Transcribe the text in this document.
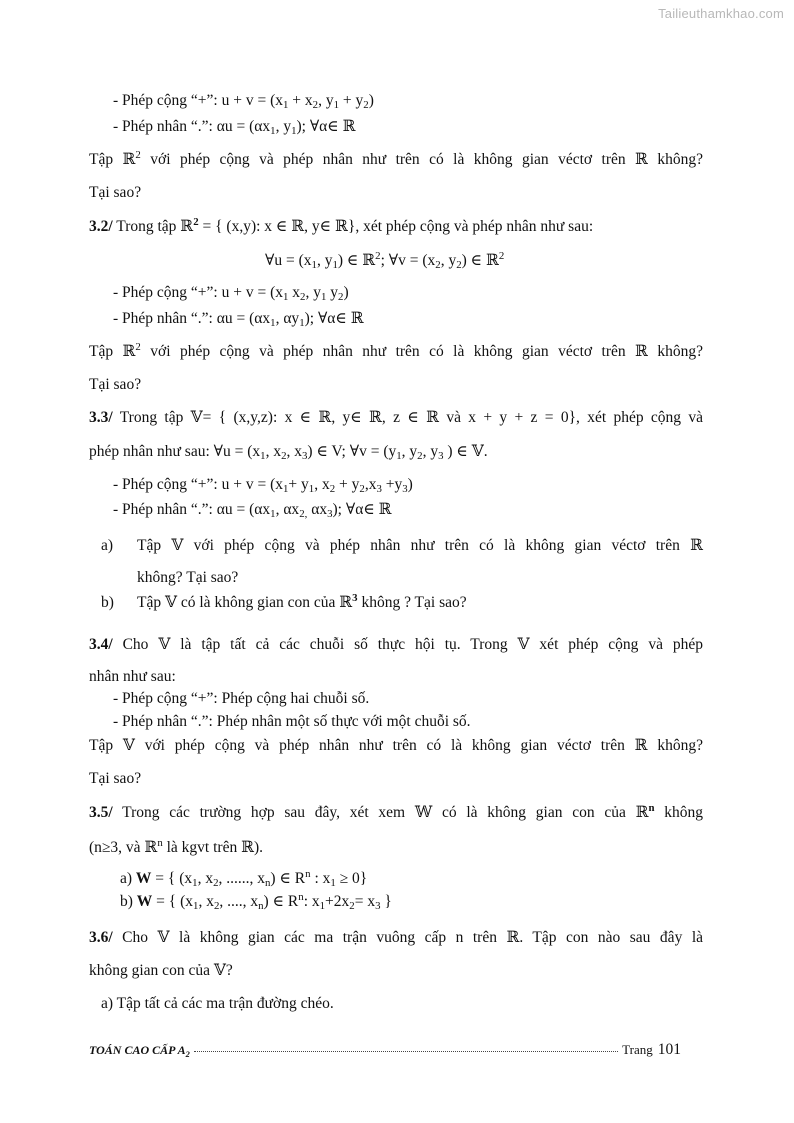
Tailieuthamkhao.com
- Phép cộng “+”: $u + v = (x_1 + x_2$, $y_1 + y_2$)
- Phép nhân “.”: $\alpha u = (\alpha x_1$, $y_1$); ∀α∈ ℝ
Tập ℝ$^2$ với phép cộng và phép nhân như trên có là không gian véctơ trên ℝ không?
Tại sao?
3.2/ Trong tập ℝ$^2$ = { (x,y): x ∈ ℝ, y∈ ℝ}, xét phép cộng và phép nhân như sau:
∀u = ($x_1$, $y_1$) ∈ ℝ$^2$; ∀v = ($x_2$, $y_2$) ∈ ℝ$^2$
- Phép cộng “+”: $u + v = (x_1$ $x_2$, $y_1$ $y_2$)
- Phép nhân “.”: $\alpha u = (\alpha x_1$, $\alpha y_1$); ∀α∈ ℝ
Tập ℝ$^2$ với phép cộng và phép nhân như trên có là không gian véctơ trên ℝ không?
Tại sao?
3.3/ Trong tập 𝕍= { (x,y,z): x ∈ ℝ, y∈ ℝ, z ∈ ℝ và x + y + z = 0}, xét phép cộng và
phép nhân như sau: ∀u = ($x_1$, $x_2$, $x_3$) ∈ V; ∀v = ($y_1$, $y_2$, $y_3$ ) ∈ 𝕍.
- Phép cộng “+”: $u + v = (x_1+ y_1$, $x_2 + y_2,x_3 +y_3$)
- Phép nhân “.”: $\alpha u = (\alpha x_1$, $\alpha x_{2,}$ $\alpha x_3$); ∀α∈ ℝ
a) Tập 𝕍 với phép cộng và phép nhân như trên có là không gian véctơ trên ℝ
không? Tại sao?
b) Tập 𝕍 có là không gian con của ℝ$^3$ không ? Tại sao?
3.4/ Cho 𝕍 là tập tất cả các chuỗi số thực hội tụ. Trong 𝕍 xét phép cộng và phép
nhân như sau:
- Phép cộng “+”: Phép cộng hai chuỗi số.
- Phép nhân “.”: Phép nhân một số thực với một chuỗi số.
Tập 𝕍 với phép cộng và phép nhân như trên có là không gian véctơ trên ℝ không?
Tại sao?
3.5/ Trong các trường hợp sau đây, xét xem 𝕎 có là không gian con của ℝ$^n$ không
(n≥3, và ℝ$^n$ là kgvt trên ℝ).
a) W = { ($x_1$, $x_2$, ......, $x_n$) ∈ $R^n$ : $x_1 \ge 0$}
b) W = { ($x_1$, $x_2$, ...., $x_n$) ∈ $R^n$: $x_1+2x_2= x_3$ }
3.6/ Cho 𝕍 là không gian các ma trận vuông cấp n trên ℝ. Tập con nào sau đây là
không gian con của 𝕍?
a) Tập tất cả các ma trận đường chéo.
TOÁN CAO CẤP $A_2$	Trang 101
